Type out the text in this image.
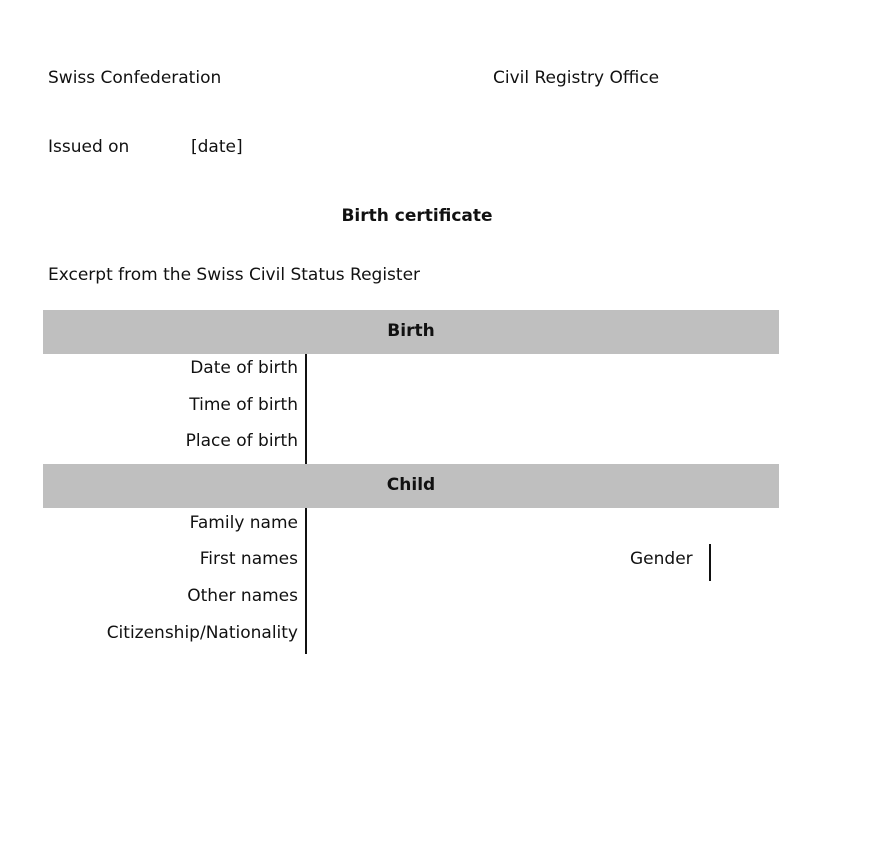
Swiss Confederation	Civil Registry Office
Issued on	[date]
Birth certificate
Excerpt from the Swiss Civil Status Register
Birth
Date of birth
Time of birth
Place of birth
Child
Family name
First names
Other names
Citizenship/Nationality
Gender
